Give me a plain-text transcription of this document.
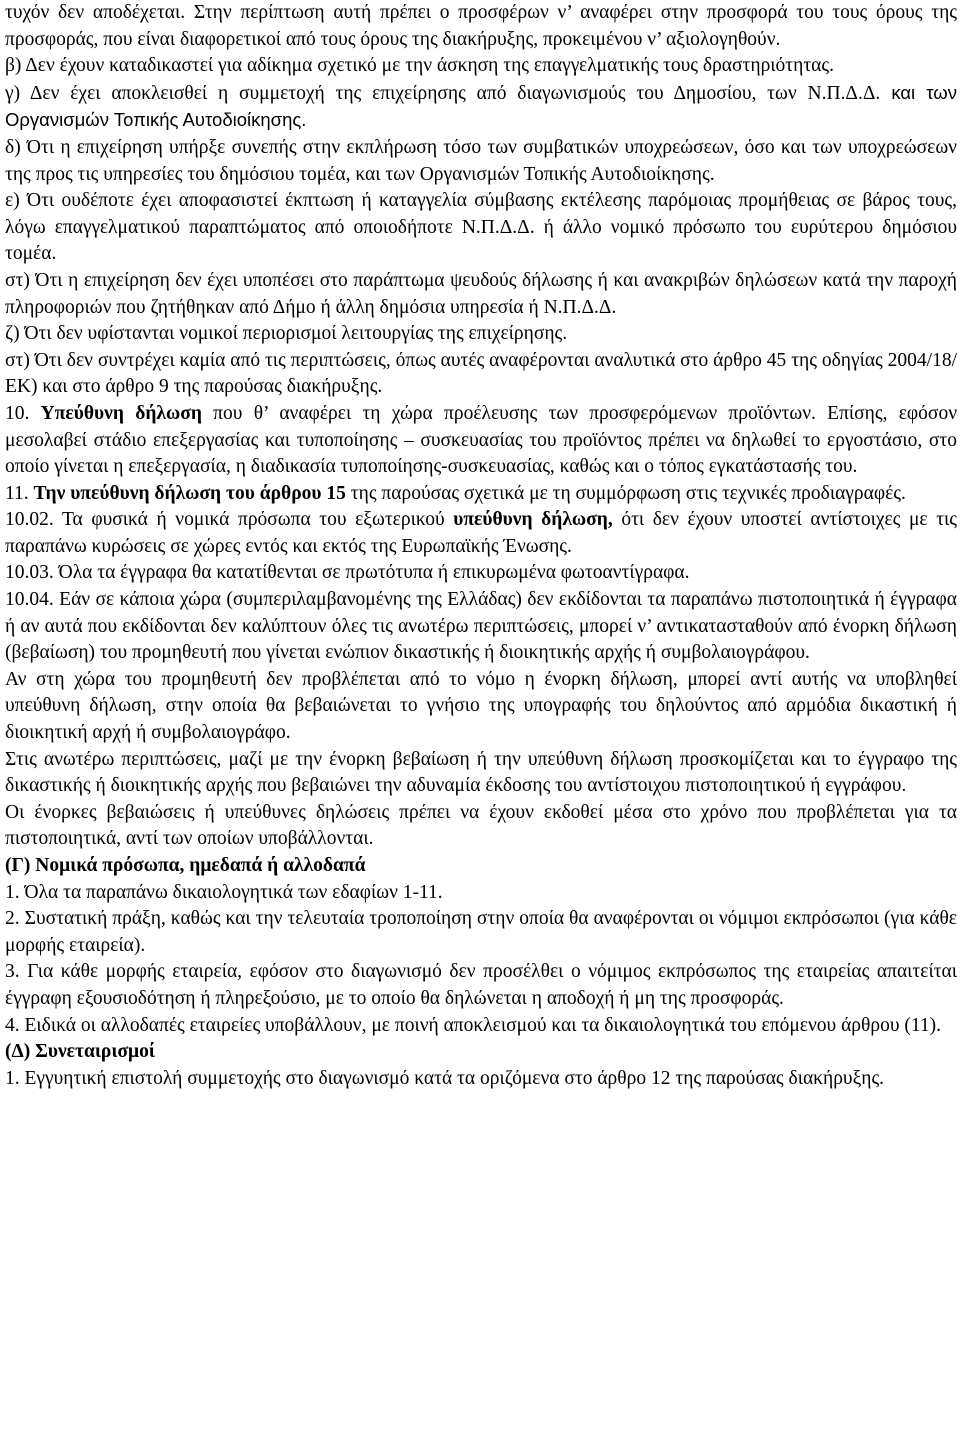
τυχόν δεν αποδέχεται. Στην περίπτωση αυτή πρέπει ο προσφέρων ν’ αναφέρει στην προσφορά του τους όρους της προσφοράς, που είναι διαφορετικοί από τους όρους της διακήρυξης, προκειμένου ν’ αξιολογηθούν.

β) Δεν έχουν καταδικαστεί για αδίκημα σχετικό με την άσκηση της επαγγελματικής τους δραστηριότητας.

γ) Δεν έχει αποκλεισθεί η συμμετοχή της επιχείρησης από διαγωνισμούς του Δημοσίου, των Ν.Π.Δ.Δ. και των Οργανισμών Τοπικής Αυτοδιοίκησης.

δ) Ότι η επιχείρηση υπήρξε συνεπής στην εκπλήρωση τόσο των συμβατικών υποχρεώσεων, όσο και των υποχρεώσεων της προς τις υπηρεσίες του δημόσιου τομέα, και των Οργανισμών Τοπικής Αυτοδιοίκησης.

ε) Ότι ουδέποτε έχει αποφασιστεί έκπτωση ή καταγγελία σύμβασης εκτέλεσης παρόμοιας προμήθειας σε βάρος τους, λόγω επαγγελματικού παραπτώματος από οποιοδήποτε Ν.Π.Δ.Δ. ή άλλο νομικό πρόσωπο του ευρύτερου δημόσιου τομέα.

στ) Ότι η επιχείρηση δεν έχει υποπέσει στο παράπτωμα ψευδούς δήλωσης ή και ανακριβών δηλώσεων κατά την παροχή πληροφοριών που ζητήθηκαν από Δήμο ή άλλη δημόσια υπηρεσία ή Ν.Π.Δ.Δ.

ζ) Ότι δεν υφίστανται νομικοί περιορισμοί λειτουργίας της επιχείρησης.

στ) Ότι δεν συντρέχει καμία από τις περιπτώσεις, όπως αυτές αναφέρονται αναλυτικά στο άρθρο 45 της οδηγίας 2004/18/ΕΚ) και στο άρθρο 9 της παρούσας διακήρυξης.

10. Υπεύθυνη δήλωση που θ’ αναφέρει τη χώρα προέλευσης των προσφερόμενων προϊόντων. Επίσης, εφόσον μεσολαβεί στάδιο επεξεργασίας και τυποποίησης – συσκευασίας του προϊόντος πρέπει να δηλωθεί το εργοστάσιο, στο οποίο γίνεται η επεξεργασία, η διαδικασία τυποποίησης-συσκευασίας, καθώς και ο τόπος εγκατάστασής του.

11. Την υπεύθυνη δήλωση του άρθρου 15 της παρούσας σχετικά με τη συμμόρφωση στις τεχνικές προδιαγραφές.

10.02. Τα φυσικά ή νομικά πρόσωπα του εξωτερικού υπεύθυνη δήλωση, ότι δεν έχουν υποστεί αντίστοιχες με τις παραπάνω κυρώσεις σε χώρες εντός και εκτός της Ευρωπαϊκής Ένωσης.

10.03. Όλα τα έγγραφα θα κατατίθενται σε πρωτότυπα ή επικυρωμένα φωτοαντίγραφα.

10.04. Εάν σε κάποια χώρα (συμπεριλαμβανομένης της Ελλάδας) δεν εκδίδονται τα παραπάνω πιστοποιητικά ή έγγραφα ή αν αυτά που εκδίδονται δεν καλύπτουν όλες τις ανωτέρω περιπτώσεις, μπορεί ν’ αντικατασταθούν από ένορκη δήλωση (βεβαίωση) του προμηθευτή που γίνεται ενώπιον δικαστικής ή διοικητικής αρχής ή συμβολαιογράφου.

Αν στη χώρα του προμηθευτή δεν προβλέπεται από το νόμο η ένορκη δήλωση, μπορεί αντί αυτής να υποβληθεί υπεύθυνη δήλωση, στην οποία θα βεβαιώνεται το γνήσιο της υπογραφής του δηλούντος από αρμόδια δικαστική ή διοικητική αρχή ή συμβολαιογράφο.

Στις ανωτέρω περιπτώσεις, μαζί με την ένορκη βεβαίωση ή την υπεύθυνη δήλωση προσκομίζεται και το έγγραφο της δικαστικής ή διοικητικής αρχής που βεβαιώνει την αδυναμία έκδοσης του αντίστοιχου πιστοποιητικού ή εγγράφου.

Οι ένορκες βεβαιώσεις ή υπεύθυνες δηλώσεις πρέπει να έχουν εκδοθεί μέσα στο χρόνο που προβλέπεται για τα πιστοποιητικά, αντί των οποίων υποβάλλονται.

(Γ) Νομικά πρόσωπα, ημεδαπά ή αλλοδαπά

1. Όλα τα παραπάνω δικαιολογητικά των εδαφίων 1-11.

2. Συστατική πράξη, καθώς και την τελευταία τροποποίηση στην οποία θα αναφέρονται οι νόμιμοι εκπρόσωποι (για κάθε μορφής εταιρεία).

3. Για κάθε μορφής εταιρεία, εφόσον στο διαγωνισμό δεν προσέλθει ο νόμιμος εκπρόσωπος της εταιρείας απαιτείται έγγραφη εξουσιοδότηση ή πληρεξούσιο, με το οποίο θα δηλώνεται η αποδοχή ή μη της προσφοράς.

4. Ειδικά οι αλλοδαπές εταιρείες υποβάλλουν, με ποινή αποκλεισμού και τα δικαιολογητικά του επόμενου άρθρου (11).

(Δ) Συνεταιρισμοί

1. Εγγυητική επιστολή συμμετοχής στο διαγωνισμό κατά τα οριζόμενα στο άρθρο 12 της παρούσας διακήρυξης.
